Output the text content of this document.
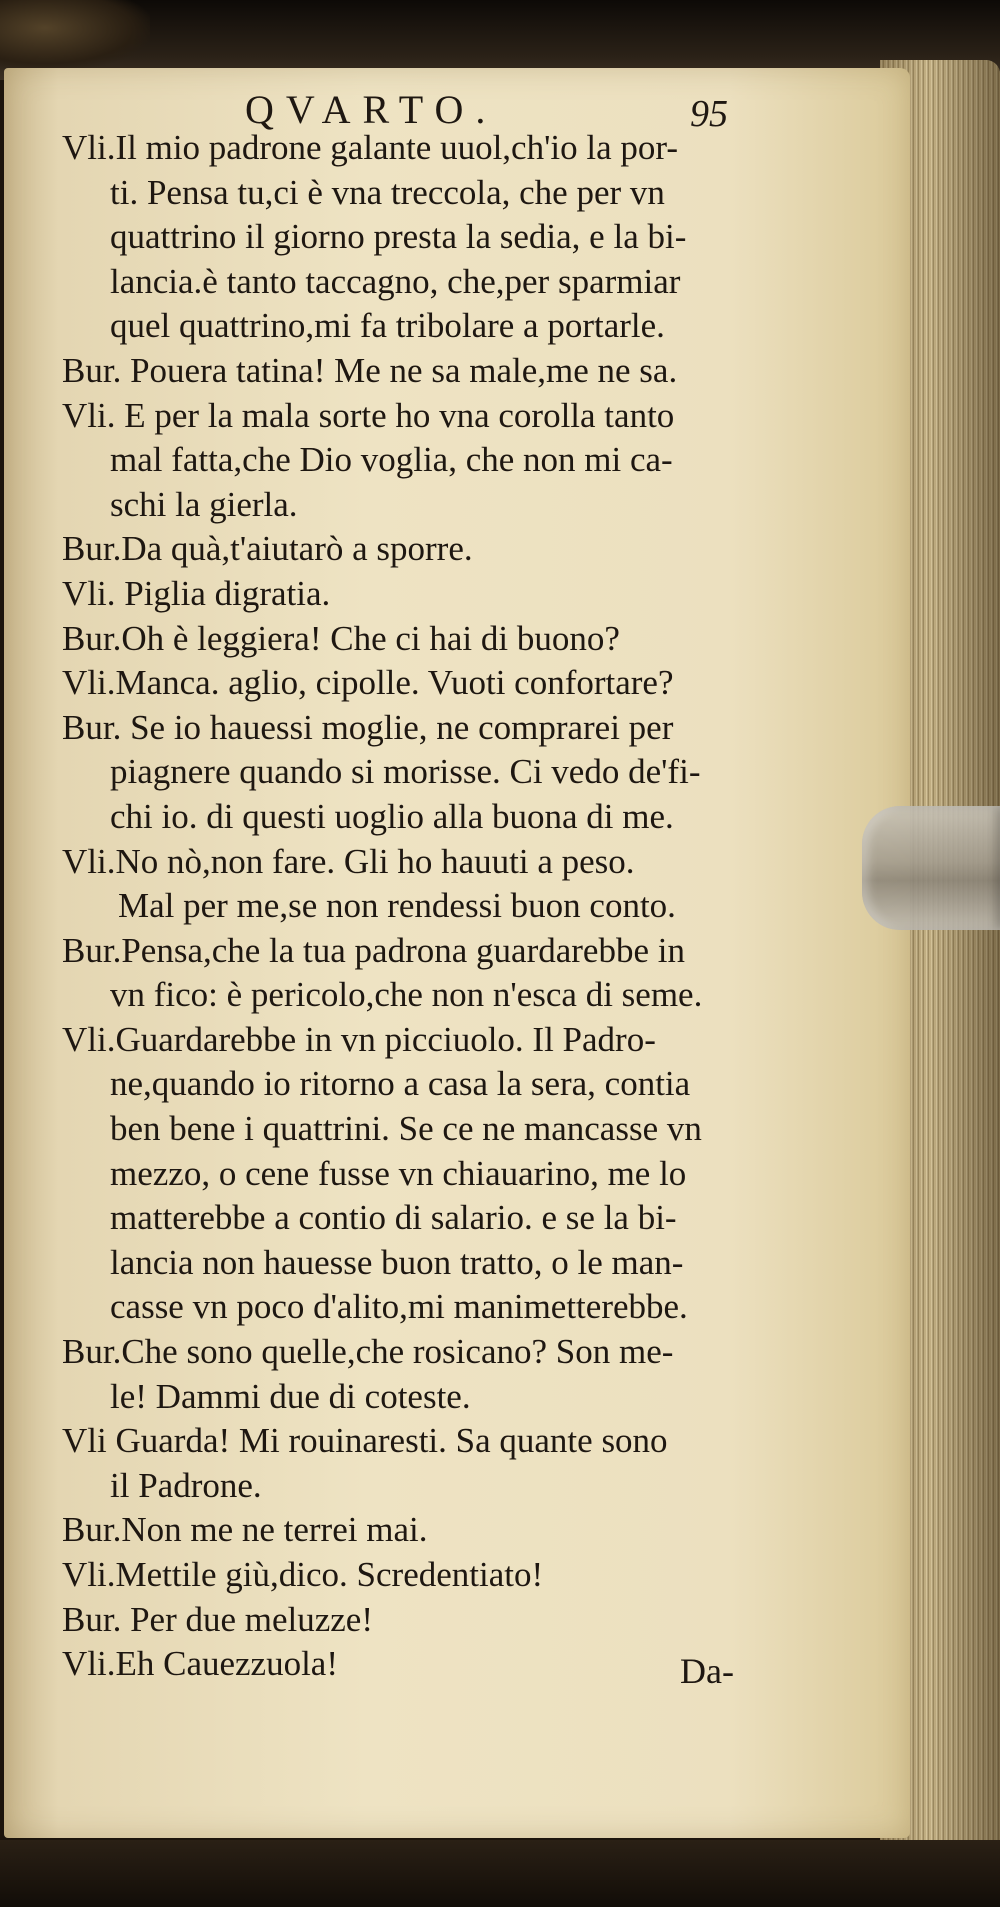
QVARTO.	95
Vli.Il mio padrone galante uuol,ch'io la por-
ti. Pensa tu,ci è vna treccola, che per vn
quattrino il giorno presta la sedia, e la bi-
lancia.è tanto taccagno, che,per sparmiar
quel quattrino,mi fa tribolare a portarle.
Bur. Pouera tatina! Me ne sa male,me ne sa.
Vli. E per la mala sorte ho vna corolla tanto
mal fatta,che Dio voglia, che non mi ca-
schi la gierla.
Bur.Da quà,t'aiutarò a sporre.
Vli. Piglia digratia.
Bur.Oh è leggiera! Che ci hai di buono?
Vli.Manca. aglio, cipolle. Vuoti confortare?
Bur. Se io hauessi moglie, ne comprarei per
piagnere quando si morisse. Ci vedo de'fi-
chi io. di questi uoglio alla buona di me.
Vli.No nò,non fare. Gli ho hauuti a peso.
Mal per me,se non rendessi buon conto.
Bur.Pensa,che la tua padrona guardarebbe in
vn fico: è pericolo,che non n'esca di seme.
Vli.Guardarebbe in vn picciuolo. Il Padro-
ne,quando io ritorno a casa la sera, contia
ben bene i quattrini. Se ce ne mancasse vn
mezzo, o cene fusse vn chiauarino, me lo
matterebbe a contio di salario. e se la bi-
lancia non hauesse buon tratto, o le man-
casse vn poco d'alito,mi manimetterebbe.
Bur.Che sono quelle,che rosicano? Son me-
le! Dammi due di coteste.
Vli Guarda! Mi rouinaresti. Sa quante sono
il Padrone.
Bur.Non me ne terrei mai.
Vli.Mettile giù,dico. Scredentiato!
Bur. Per due meluzze!
Vli.Eh Cauezzuola!	Da-
